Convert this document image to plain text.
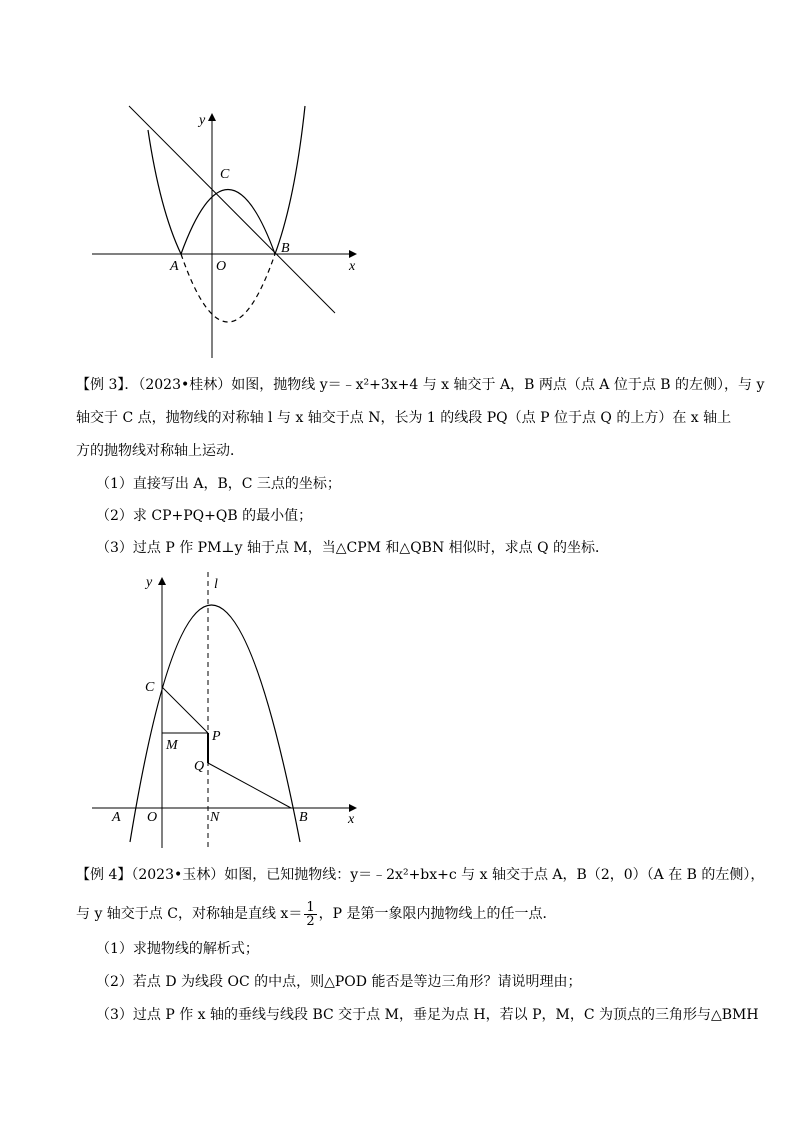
y
x
C
B
A	O
【例 3】．（2023•桂林）如图，抛物线 y＝﹣x²+3x+4 与 x 轴交于 A，B 两点（点 A 位于点 B 的左侧），与 y
轴交于 C 点，抛物线的对称轴 l 与 x 轴交于点 N，长为 1 的线段 PQ（点 P 位于点 Q 的上方）在 x 轴上
方的抛物线对称轴上运动．
（1）直接写出 A，B，C 三点的坐标；
（2）求 CP+PQ+QB 的最小值；
（3）过点 P 作 PM⊥y 轴于点 M，当△CPM 和△QBN 相似时，求点 Q 的坐标．
y	l
C
P
M
Q
A O	N	B	x
【例 4】（2023•玉林）如图，已知抛物线：y＝﹣2x²+bx+c 与 x 轴交于点 A，B（2，0）（A 在 B 的左侧），
与 y 轴交于点 C，对称轴是直线 $x= \frac{1}{2}$ ，P 是第一象限内抛物线上的任一点．
（1）求抛物线的解析式；
（2）若点 D 为线段 OC 的中点，则△POD 能否是等边三角形？请说明理由；
（3）过点 P 作 x 轴的垂线与线段 BC 交于点 M，垂足为点 H，若以 P，M，C 为顶点的三角形与△BMH
